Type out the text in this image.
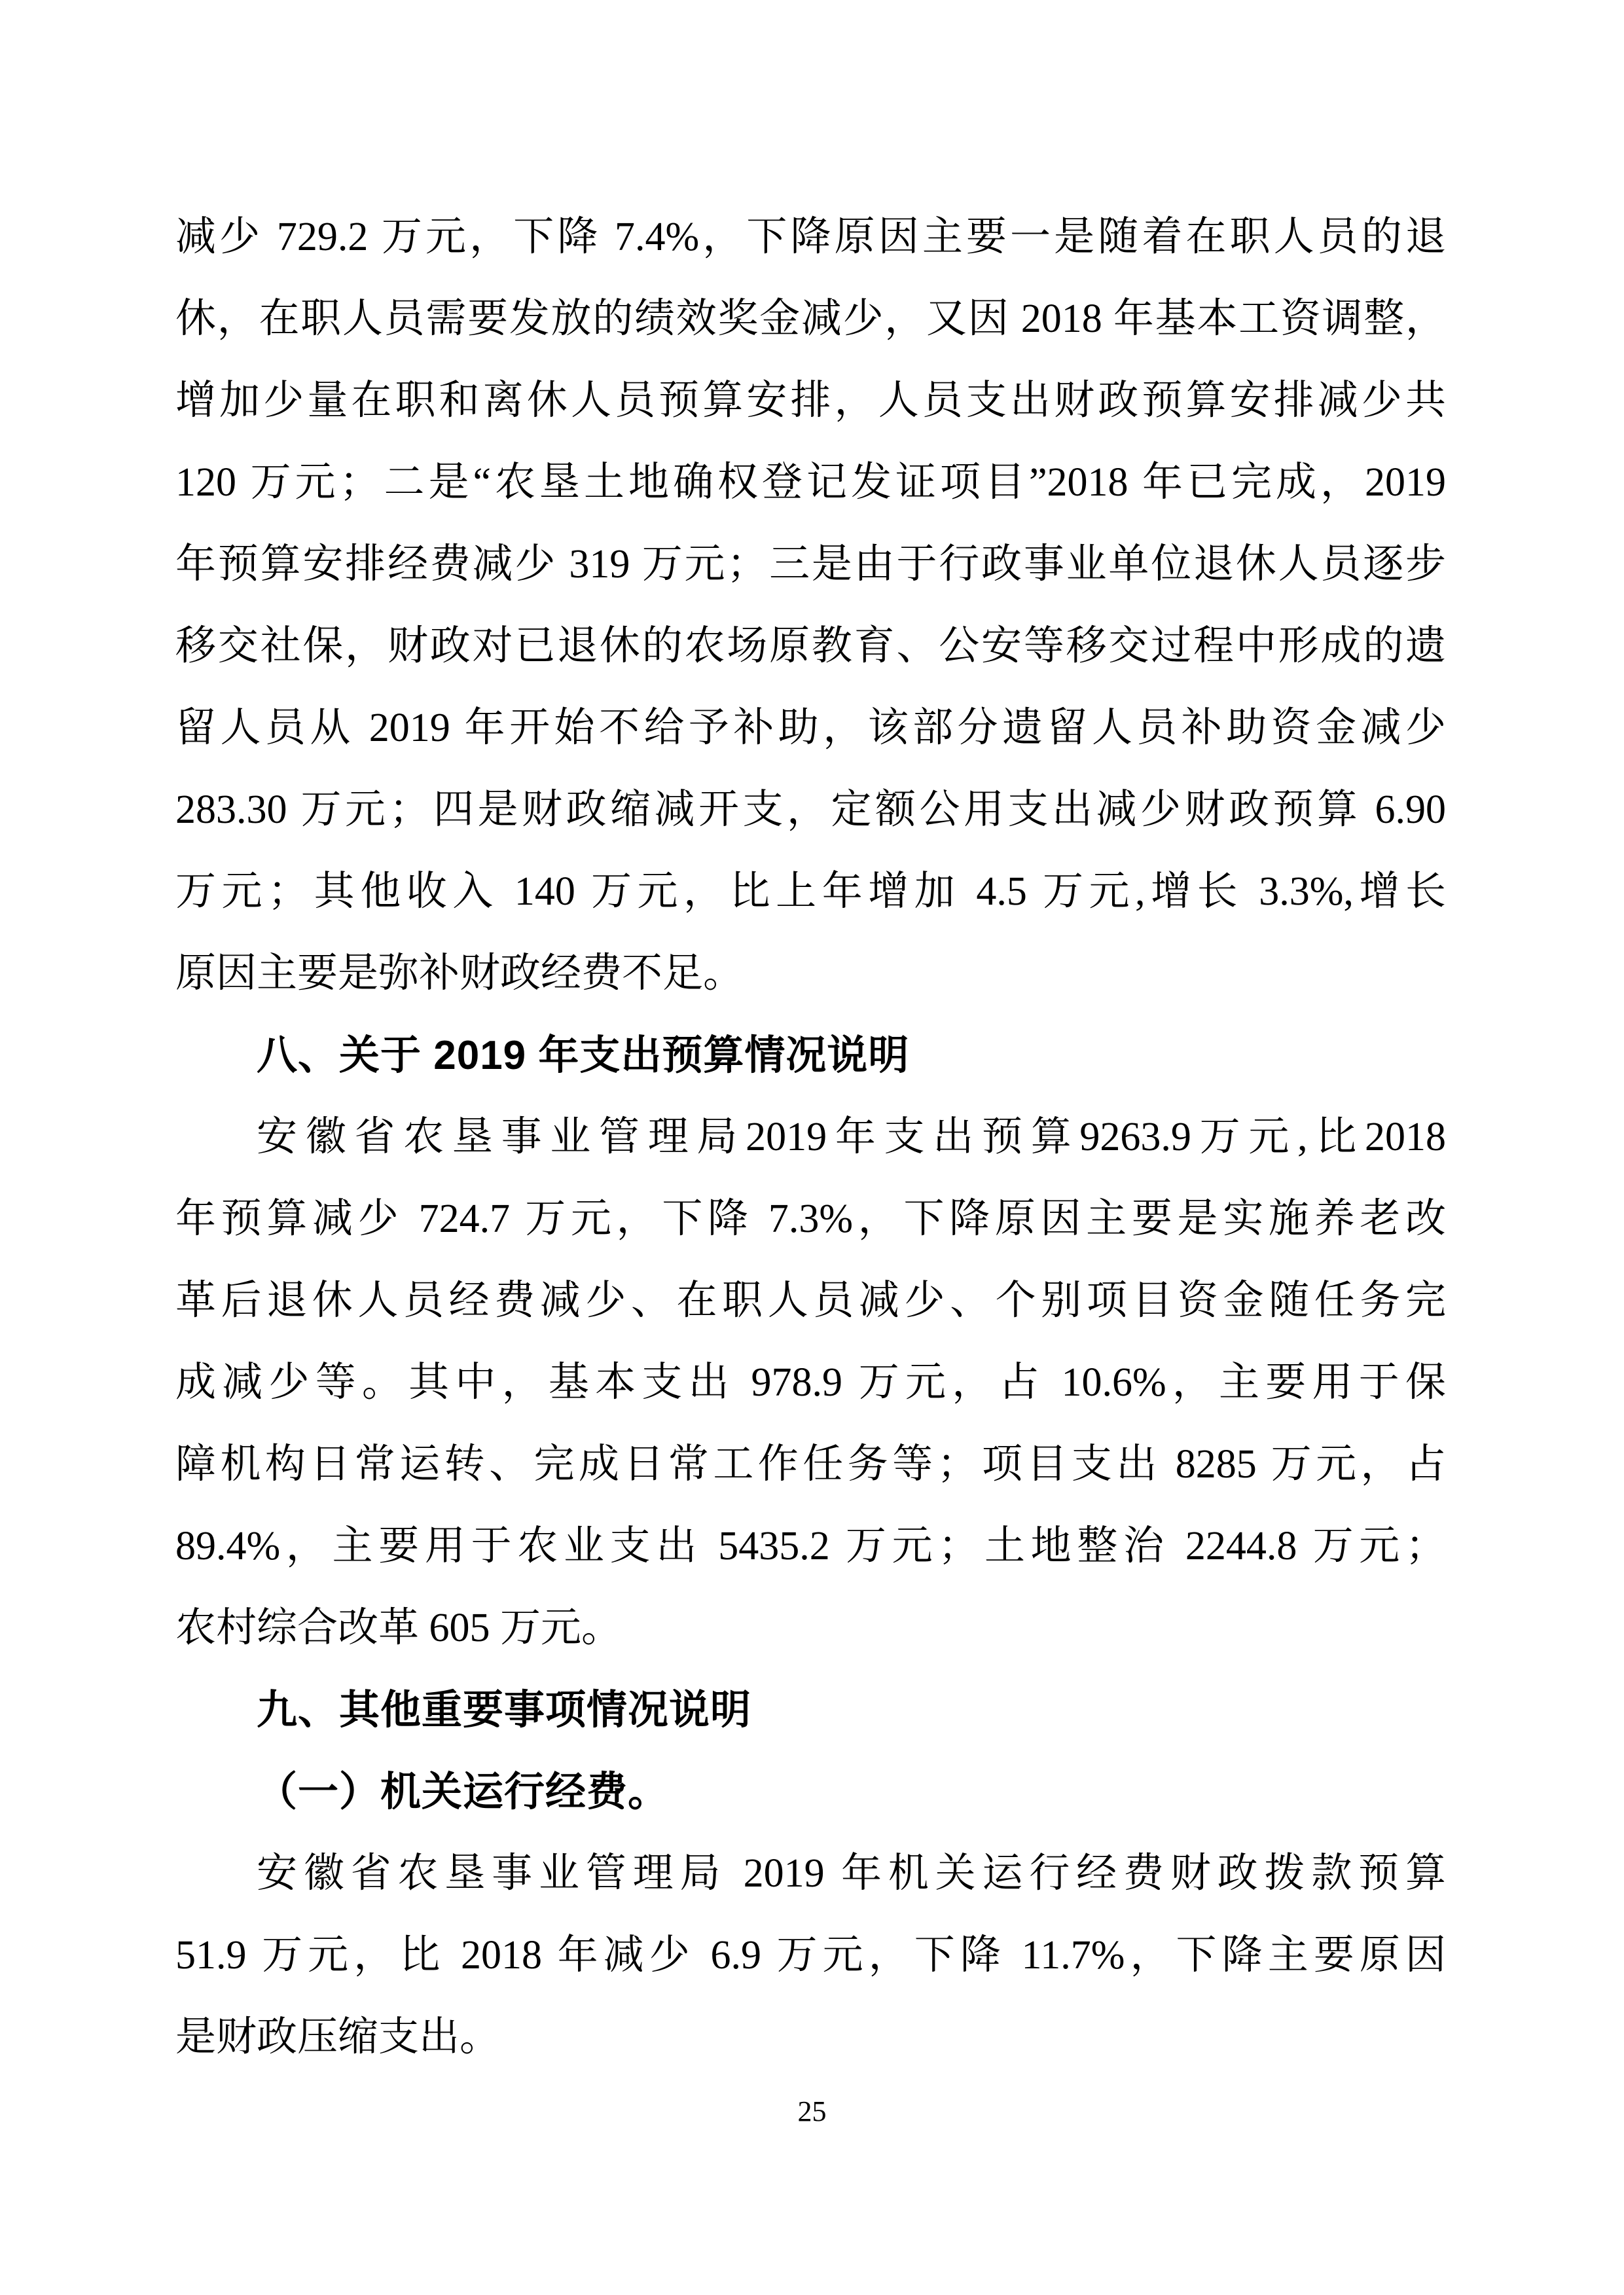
减少 729.2 万元，下降 7.4%，下降原因主要一是随着在职人员的退
休，在职人员需要发放的绩效奖金减少，又因 2018 年基本工资调整，
增加少量在职和离休人员预算安排，人员支出财政预算安排减少共
120 万元；二是“农垦土地确权登记发证项目”2018 年已完成，2019
年预算安排经费减少 319 万元；三是由于行政事业单位退休人员逐步
移交社保，财政对已退休的农场原教育、公安等移交过程中形成的遗
留人员从 2019 年开始不给予补助，该部分遗留人员补助资金减少
283.30 万元；四是财政缩减开支，定额公用支出减少财政预算 6.90
万元；其他收入 140 万元，比上年增加 4.5 万元,增长 3.3%,增长
原因主要是弥补财政经费不足。
八、关于 2019 年支出预算情况说明
安徽省农垦事业管理局2019年支出预算9263.9万元,比2018
年预算减少 724.7 万元，下降 7.3%，下降原因主要是实施养老改
革后退休人员经费减少、在职人员减少、个别项目资金随任务完
成减少等。其中，基本支出 978.9 万元，占 10.6%，主要用于保
障机构日常运转、完成日常工作任务等；项目支出 8285 万元，占
89.4%，主要用于农业支出 5435.2 万元；土地整治 2244.8 万元；
农村综合改革 605 万元。
九、其他重要事项情况说明
（一）机关运行经费。
安徽省农垦事业管理局 2019 年机关运行经费财政拨款预算
51.9 万元，比 2018 年减少 6.9 万元，下降 11.7%，下降主要原因
是财政压缩支出。
25
